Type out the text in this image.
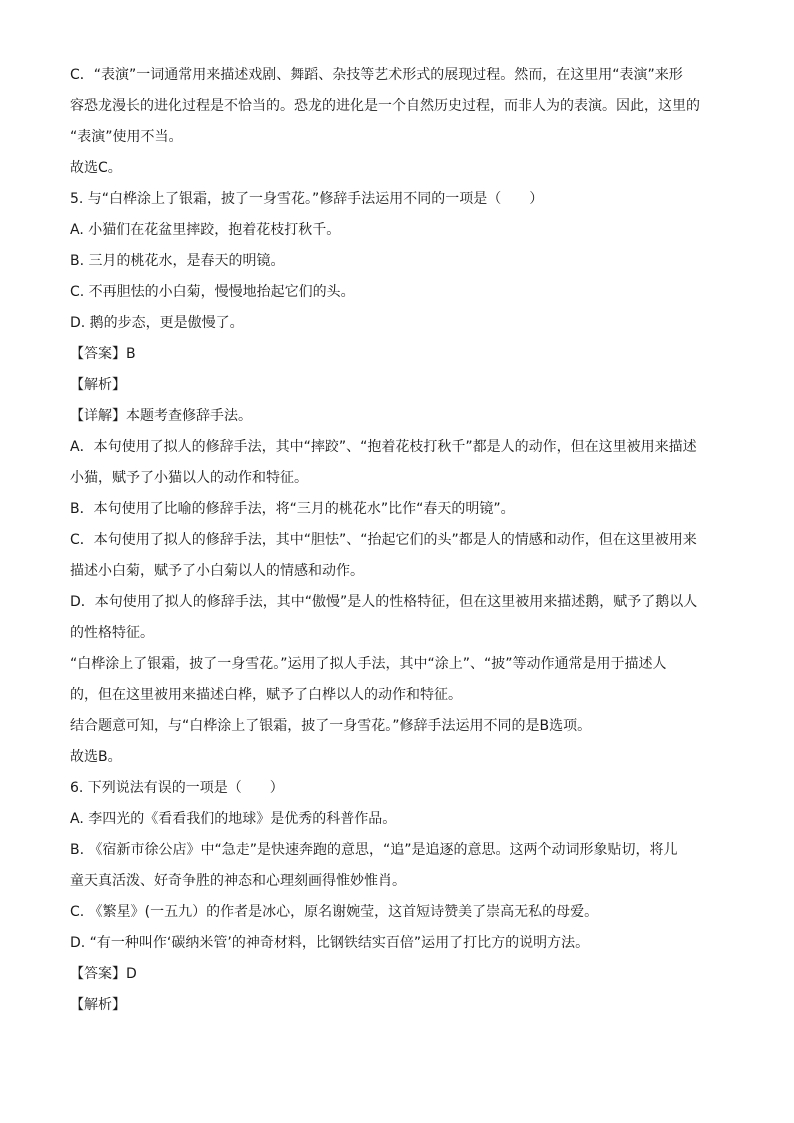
C．“表演”一词通常用来描述戏剧、舞蹈、杂技等艺术形式的展现过程。然而，在这里用“表演”来形
容恐龙漫长的进化过程是不恰当的。恐龙的进化是一个自然历史过程，而非人为的表演。因此，这里的
“表演”使用不当。
故选C。
5. 与“白桦涂上了银霜，披了一身雪花。”修辞手法运用不同的一项是（　　）
A. 小猫们在花盆里摔跤，抱着花枝打秋千。
B. 三月的桃花水，是春天的明镜。
C. 不再胆怯的小白菊，慢慢地抬起它们的头。
D. 鹅的步态，更是傲慢了。
【答案】B
【解析】
【详解】本题考查修辞手法。
A．本句使用了拟人的修辞手法，其中“摔跤”、“抱着花枝打秋千”都是人的动作，但在这里被用来描述
小猫，赋予了小猫以人的动作和特征。
B．本句使用了比喻的修辞手法，将“三月的桃花水”比作“春天的明镜”。
C．本句使用了拟人的修辞手法，其中“胆怯”、“抬起它们的头”都是人的情感和动作，但在这里被用来
描述小白菊，赋予了小白菊以人的情感和动作。
D．本句使用了拟人的修辞手法，其中“傲慢”是人的性格特征，但在这里被用来描述鹅，赋予了鹅以人
的性格特征。
“白桦涂上了银霜，披了一身雪花。”运用了拟人手法，其中“涂上”、“披”等动作通常是用于描述人
的，但在这里被用来描述白桦，赋予了白桦以人的动作和特征。
结合题意可知，与“白桦涂上了银霜，披了一身雪花。”修辞手法运用不同的是B选项。
故选B。
6. 下列说法有误的一项是（　　）
A. 李四光的《看看我们的地球》是优秀的科普作品。
B. 《宿新市徐公店》中“急走”是快速奔跑的意思，“追”是追逐的意思。这两个动词形象贴切，将儿
童天真活泼、好奇争胜的神态和心理刻画得惟妙惟肖。
C. 《繁星》(一五九）的作者是冰心，原名谢婉莹，这首短诗赞美了崇高无私的母爱。
D. “有一种叫作‘碳纳米管’的神奇材料，比钢铁结实百倍”运用了打比方的说明方法。
【答案】D
【解析】
